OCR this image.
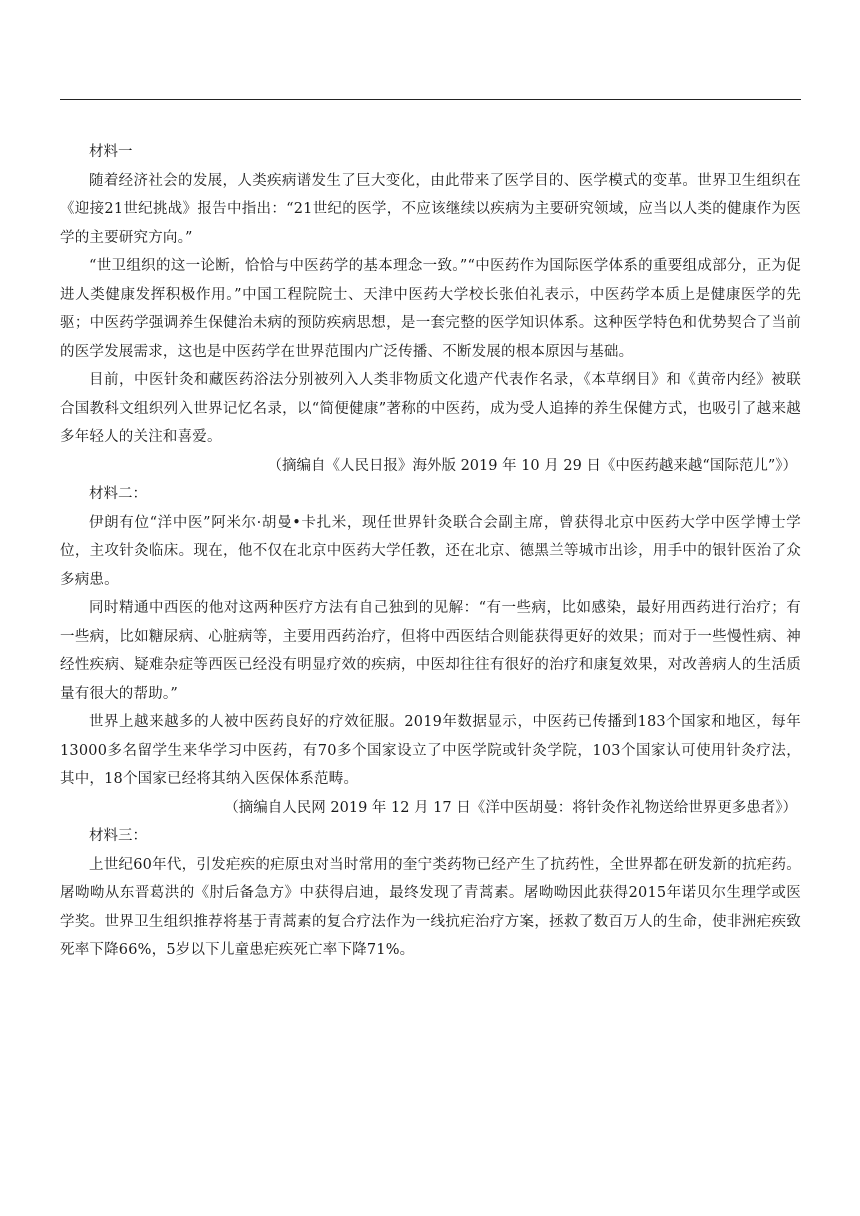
材料一

随着经济社会的发展，人类疾病谱发生了巨大变化，由此带来了医学目的、医学模式的变革。世界卫生组织在《迎接21世纪挑战》报告中指出：“21世纪的医学，不应该继续以疾病为主要研究领域，应当以人类的健康作为医学的主要研究方向。”

“世卫组织的这一论断，恰恰与中医药学的基本理念一致。”“中医药作为国际医学体系的重要组成部分，正为促进人类健康发挥积极作用。”中国工程院院士、天津中医药大学校长张伯礼表示，中医药学本质上是健康医学的先驱；中医药学强调养生保健治未病的预防疾病思想，是一套完整的医学知识体系。这种医学特色和优势契合了当前的医学发展需求，这也是中医药学在世界范围内广泛传播、不断发展的根本原因与基础。

目前，中医针灸和藏医药浴法分别被列入人类非物质文化遗产代表作名录，《本草纲目》和《黄帝内经》被联合国教科文组织列入世界记忆名录，以“简便健康”著称的中医药，成为受人追捧的养生保健方式，也吸引了越来越多年轻人的关注和喜爱。

（摘编自《人民日报》海外版 2019 年 10 月 29 日《中医药越来越“国际范儿”》）

材料二：

伊朗有位“洋中医”阿米尔·胡曼•卡扎米，现任世界针灸联合会副主席，曾获得北京中医药大学中医学博士学位，主攻针灸临床。现在，他不仅在北京中医药大学任教，还在北京、德黑兰等城市出诊，用手中的银针医治了众多病患。

同时精通中西医的他对这两种医疗方法有自己独到的见解：“有一些病，比如感染，最好用西药进行治疗；有一些病，比如糖尿病、心脏病等，主要用西药治疗，但将中西医结合则能获得更好的效果；而对于一些慢性病、神经性疾病、疑难杂症等西医已经没有明显疗效的疾病，中医却往往有很好的治疗和康复效果，对改善病人的生活质量有很大的帮助。”

世界上越来越多的人被中医药良好的疗效征服。2019年数据显示，中医药已传播到183个国家和地区，每年13000多名留学生来华学习中医药，有70多个国家设立了中医学院或针灸学院，103个国家认可使用针灸疗法，其中，18个国家已经将其纳入医保体系范畴。

（摘编自人民网 2019 年 12 月 17 日《洋中医胡曼：将针灸作礼物送给世界更多患者》）

材料三：

上世纪60年代，引发疟疾的疟原虫对当时常用的奎宁类药物已经产生了抗药性，全世界都在研发新的抗疟药。屠呦呦从东晋葛洪的《肘后备急方》中获得启迪，最终发现了青蒿素。屠呦呦因此获得2015年诺贝尔生理学或医学奖。世界卫生组织推荐将基于青蒿素的复合疗法作为一线抗疟治疗方案，拯救了数百万人的生命，使非洲疟疾致死率下降66%，5岁以下儿童患疟疾死亡率下降71%。
